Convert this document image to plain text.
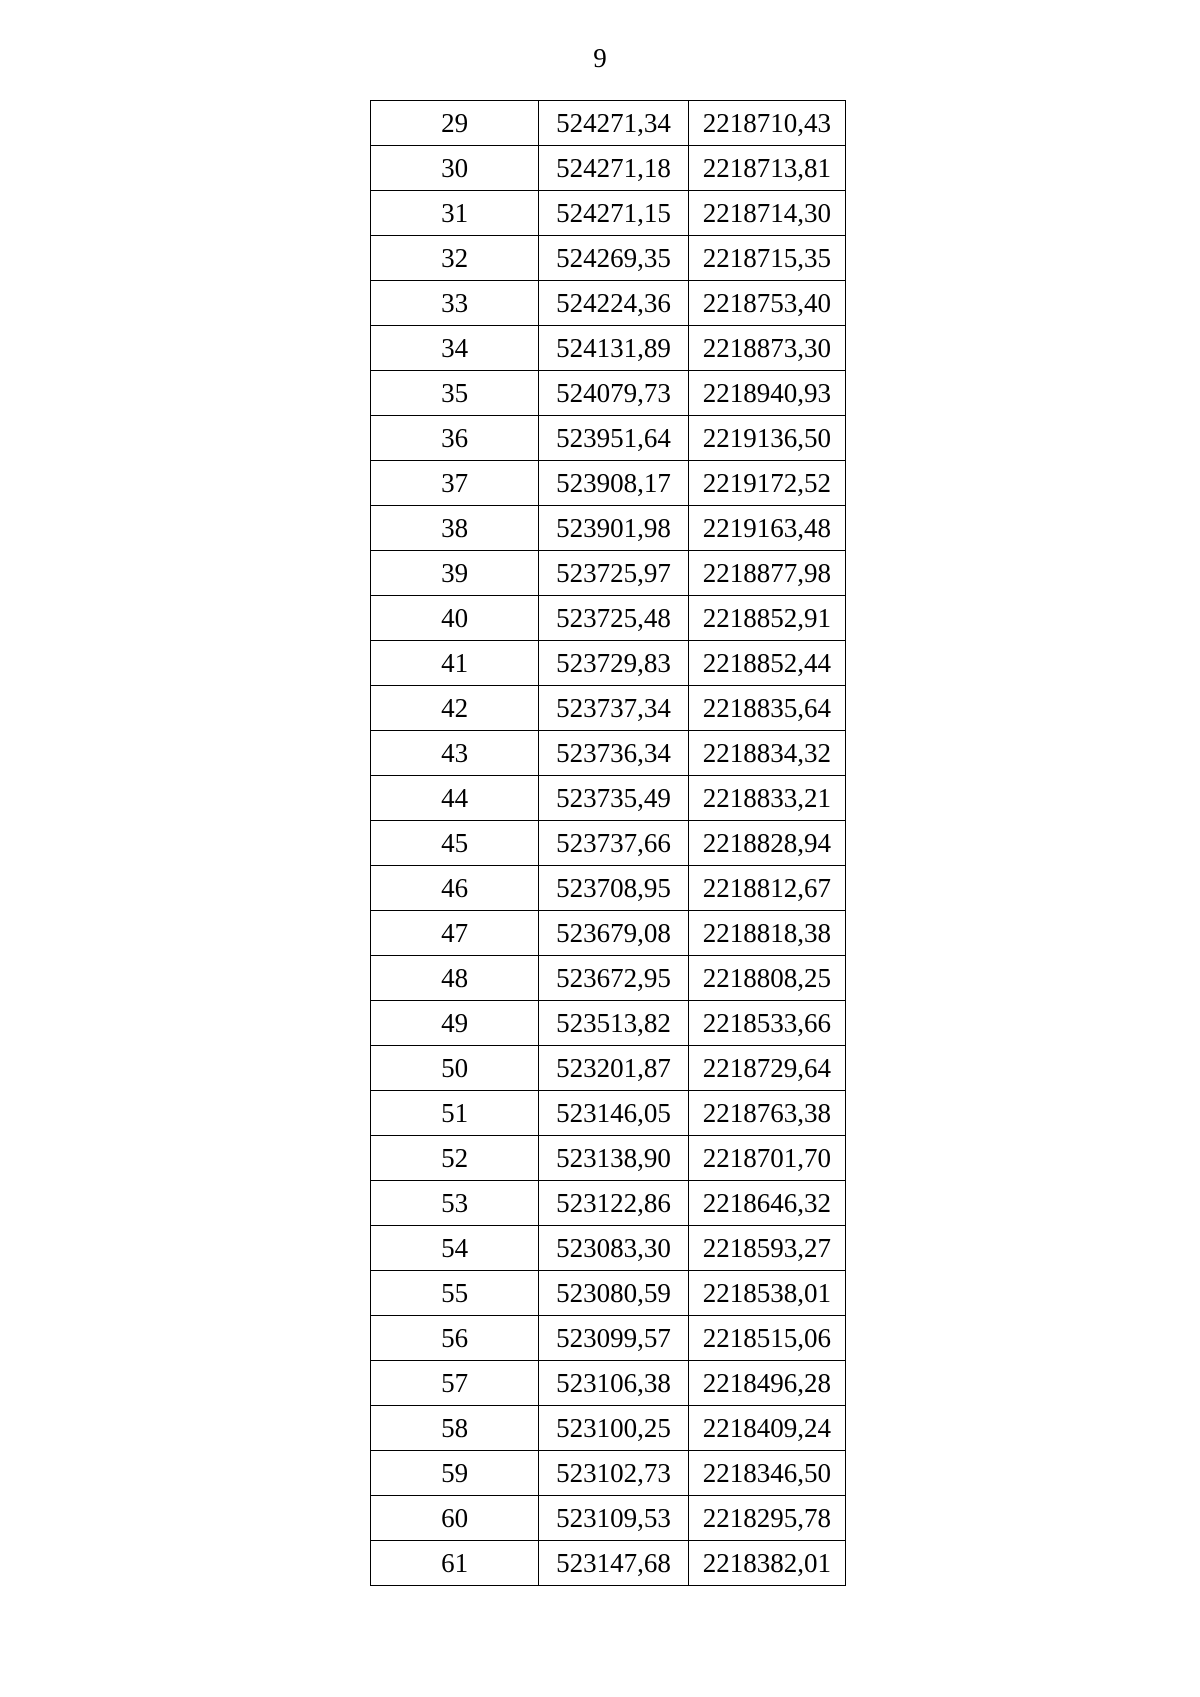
9
29	524271,34	2218710,43
30	524271,18	2218713,81
31	524271,15	2218714,30
32	524269,35	2218715,35
33	524224,36	2218753,40
34	524131,89	2218873,30
35	524079,73	2218940,93
36	523951,64	2219136,50
37	523908,17	2219172,52
38	523901,98	2219163,48
39	523725,97	2218877,98
40	523725,48	2218852,91
41	523729,83	2218852,44
42	523737,34	2218835,64
43	523736,34	2218834,32
44	523735,49	2218833,21
45	523737,66	2218828,94
46	523708,95	2218812,67
47	523679,08	2218818,38
48	523672,95	2218808,25
49	523513,82	2218533,66
50	523201,87	2218729,64
51	523146,05	2218763,38
52	523138,90	2218701,70
53	523122,86	2218646,32
54	523083,30	2218593,27
55	523080,59	2218538,01
56	523099,57	2218515,06
57	523106,38	2218496,28
58	523100,25	2218409,24
59	523102,73	2218346,50
60	523109,53	2218295,78
61	523147,68	2218382,01
